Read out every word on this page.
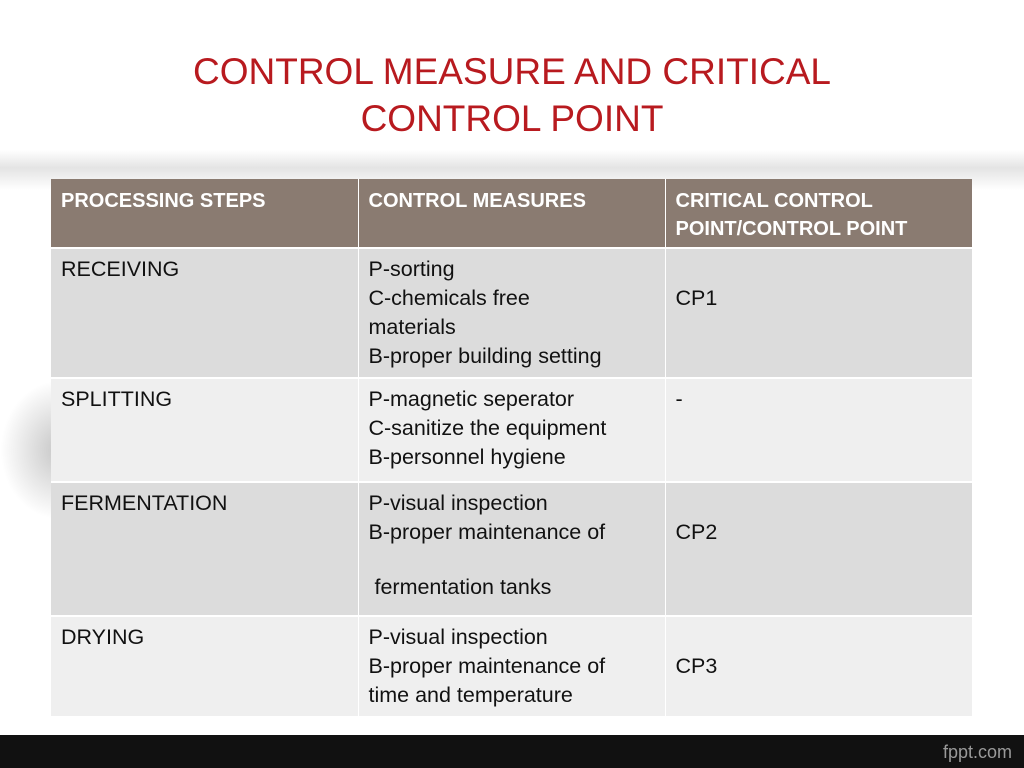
CONTROL MEASURE AND CRITICAL
CONTROL POINT
PROCESSING STEPS	CONTROL MEASURES	CRITICAL CONTROL POINT/CONTROL POINT
RECEIVING	P-sorting
C-chemicals free
materials
B-proper building setting	CP1
SPLITTING	P-magnetic seperator
C-sanitize the equipment
B-personnel hygiene	-
FERMENTATION	P-visual inspection
B-proper maintenance of
fermentation tanks	CP2
DRYING	P-visual inspection
B-proper maintenance of
time and temperature	CP3
fppt.com
